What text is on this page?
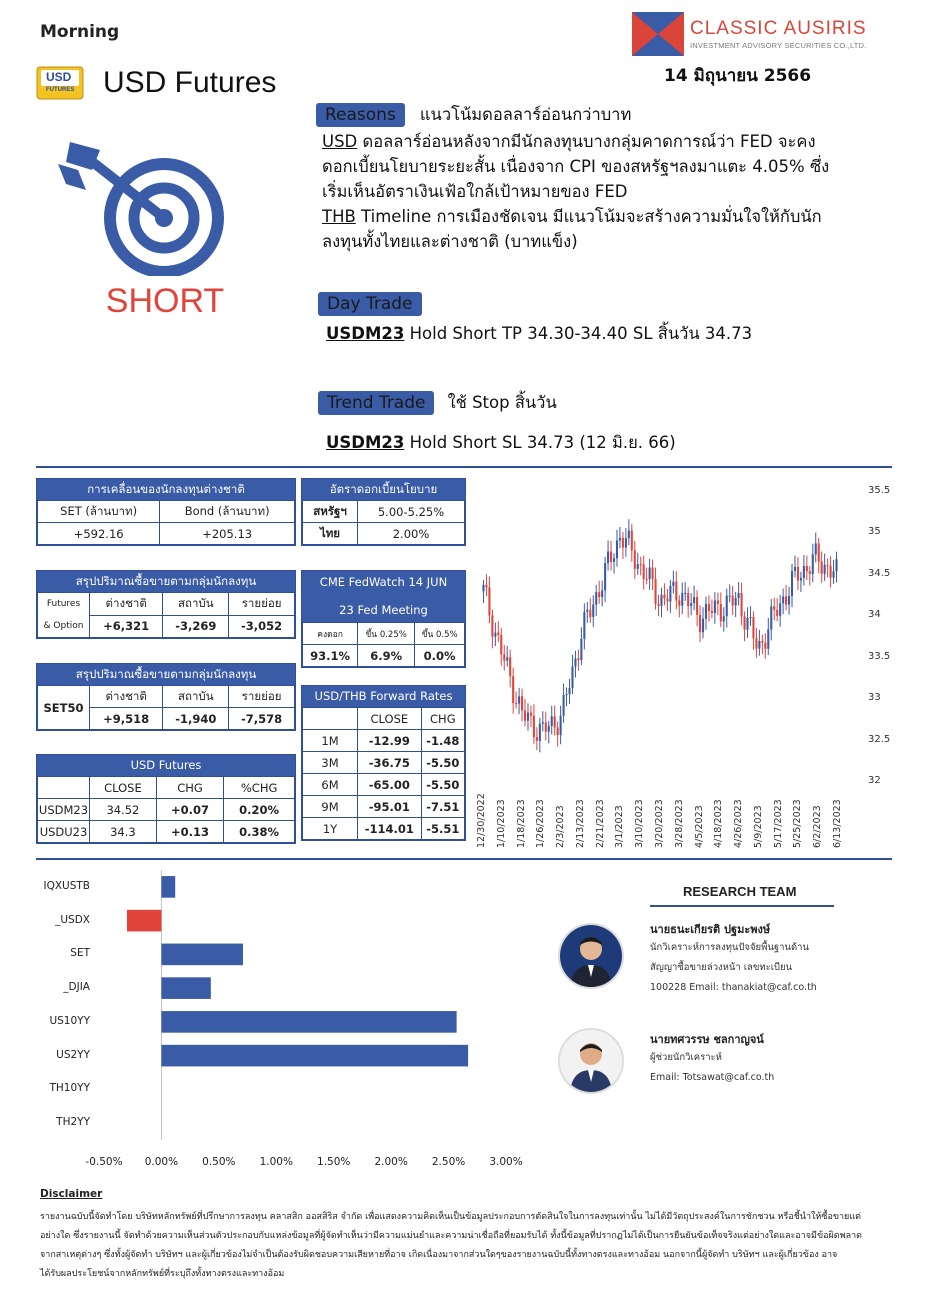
Morning	CLASSIC AUSIRIS
INVESTMENT ADVISORY SECURITIES CO.,LTD.
14 มิถุนายน 2566
USD
FUTURES USD Futures
SHORT
Reasons แนวโน้มดอลลาร์อ่อนกว่าบาท
USD ดอลลาร์อ่อนหลังจากมีนักลงทุนบางกลุ่มคาดการณ์ว่า FED จะคง
ดอกเบี้ยนโยบายระยะสั้น เนื่องจาก CPI ของสหรัฐฯลงมาแตะ 4.05% ซึ่ง
เริ่มเห็นอัตราเงินเฟ้อใกล้เป้าหมายของ FED
THB Timeline การเมืองชัดเจน มีแนวโน้มจะสร้างความมั่นใจให้กับนัก
ลงทุนทั้งไทยและต่างชาติ (บาทแข็ง)
Day Trade
USDM23 Hold Short TP 34.30-34.40 SL สิ้นวัน 34.73
Trend Trade ใช้ Stop สิ้นวัน
USDM23 Hold Short SL 34.73 (12 มิ.ย. 66)
การเคลื่อนของนักลงทุนต่างชาติ
SET (ล้านบาท)	Bond (ล้านบาท)
+592.16	+205.13
อัตราดอกเบี้ยนโยบาย
สหรัฐฯ	5.00-5.25%
ไทย	2.00%
สรุปปริมาณซื้อขายตามกลุ่มนักลงทุน
Futures
& Option	ต่างชาติ	สถาบัน	รายย่อย
	+6,321	-3,269	-3,052
CME FedWatch 14 JUN
23 Fed Meeting
คงดอก	ขึ้น 0.25%	ขึ้น 0.5%
93.1%	6.9%	0.0%
สรุปปริมาณซื้อขายตามกลุ่มนักลงทุน
SET50	ต่างชาติ	สถาบัน	รายย่อย
	+9,518	-1,940	-7,578
USD/THB Forward Rates
	CLOSE	CHG
1M	-12.99	-1.48
3M	-36.75	-5.50
6M	-65.00	-5.50
9M	-95.01	-7.51
1Y	-114.01	-5.51
USD Futures
	CLOSE	CHG	%CHG
USDM23	34.52	+0.07	0.20%
USDU23	34.3	+0.13	0.38%
35.5
35
34.5
34
33.5
33
32.5
32
12/30/2022 1/10/2023 1/18/2023 1/26/2023 2/3/2023 2/13/2023 2/21/2023 3/1/2023 3/10/2023 3/20/2023 3/28/2023 4/5/2023 4/18/2023 4/26/2023 5/9/2023 5/17/2023 5/25/2023 6/2/2023 6/13/2023
IQXUSTB
_USDX
SET
_DJIA
US10YY
US2YY
TH10YY
TH2YY
-0.50%	0.00%	0.50%	1.00%	1.50%	2.00%	2.50%	3.00%
RESEARCH TEAM
นายธนะเกียรติ ปฐมะพงษ์
นักวิเคราะห์การลงทุนปัจจัยพื้นฐานด้าน
สัญญาซื้อขายล่วงหน้า เลขทะเบียน
100228 Email: thanakiat@caf.co.th
นายทศวรรษ ชลกาญจน์
ผู้ช่วยนักวิเคราะห์
Email: Totsawat@caf.co.th
Disclaimer
รายงานฉบับนี้จัดทำโดย บริษัทหลักทรัพย์ที่ปรึกษาการลงทุน คลาสสิก ออสสิริส จำกัด เพื่อแสดงความคิดเห็นเป็นข้อมูลประกอบการตัดสินใจในการลงทุนเท่านั้น ไม่ได้มีวัตถุประสงค์ในการชักชวน หรือชี้นำให้ซื้อขายแต่
อย่างใด ซึ่งรายงานนี้ จัดทำด้วยความเห็นส่วนตัวประกอบกับแหล่งข้อมูลที่ผู้จัดทำเห็นว่ามีความแม่นยำและความน่าเชื่อถือที่ยอมรับได้ ทั้งนี้ข้อมูลที่ปรากฏไม่ได้เป็นการยืนยันข้อเท็จจริงแต่อย่างใดและอาจมีข้อผิดพลาด
จากสาเหตุต่างๆ ซึ่งทั้งผู้จัดทำ บริษัทฯ และผู้เกี่ยวข้องไม่จำเป็นต้องรับผิดชอบความเสียหายที่อาจ เกิดเนื่องมาจากส่วนใดๆของรายงานฉบับนี้ทั้งทางตรงและทางอ้อม นอกจากนี้ผู้จัดทำ บริษัทฯ และผู้เกี่ยวข้อง อาจ
ได้รับผลประโยชน์จากหลักทรัพย์ที่ระบุถึงทั้งทางตรงและทางอ้อม
